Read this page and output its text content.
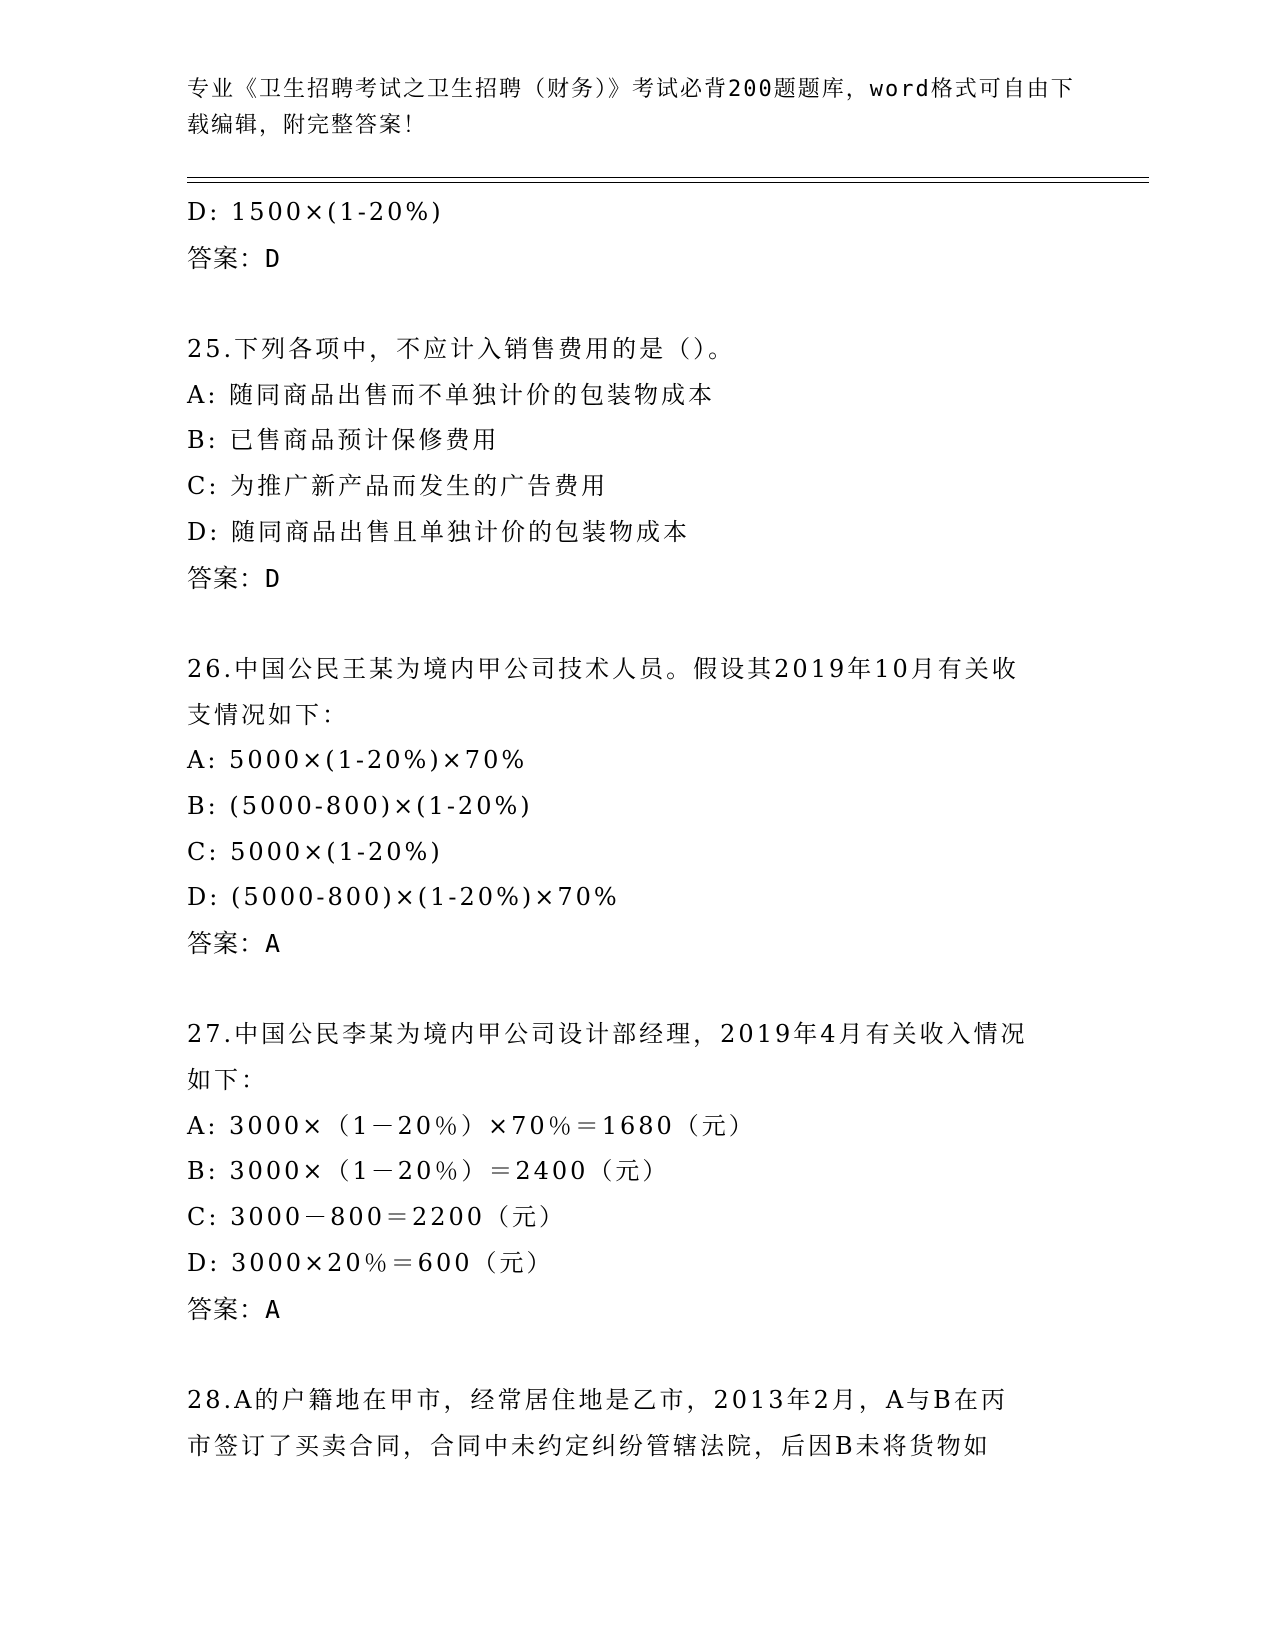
专业《卫生招聘考试之卫生招聘（财务）》考试必背200题题库，word格式可自由下载编辑，附完整答案！
D: 1500×(1-20%)
答案：D
25.下列各项中，不应计入销售费用的是（）。
A: 随同商品出售而不单独计价的包装物成本
B: 已售商品预计保修费用
C: 为推广新产品而发生的广告费用
D: 随同商品出售且单独计价的包装物成本
答案：D
26.中国公民王某为境内甲公司技术人员。假设其2019年10月有关收
支情况如下：
A: 5000×(1-20%)×70%
B: (5000-800)×(1-20%)
C: 5000×(1-20%)
D: (5000-800)×(1-20%)×70%
答案：A
27.中国公民李某为境内甲公司设计部经理，2019年4月有关收入情况
如下：
A: 3000×（1－20％）×70％＝1680（元）
B: 3000×（1－20％）＝2400（元）
C: 3000－800＝2200（元）
D: 3000×20％＝600（元）
答案：A
28.A的户籍地在甲市，经常居住地是乙市，2013年2月，A与B在丙
市签订了买卖合同，合同中未约定纠纷管辖法院，后因B未将货物如
